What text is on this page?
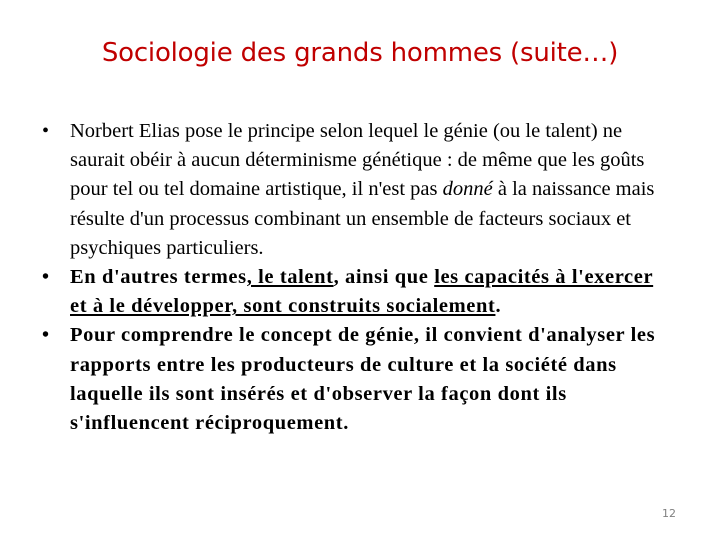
Sociologie des grands hommes (suite…)
•	Norbert Elias pose le principe selon lequel le génie (ou le talent) ne saurait obéir à aucun déterminisme génétique : de même que les goûts pour tel ou tel domaine artistique, il n'est pas donné à la naissance mais résulte d'un processus combinant un ensemble de facteurs sociaux et psychiques particuliers.
• En d'autres termes, le talent, ainsi que les capacités à l'exercer et à le développer, sont construits socialement.
• Pour comprendre le concept de génie, il convient d'analyser les rapports entre les producteurs de culture et la société dans laquelle ils sont insérés et d'observer la façon dont ils s'influencent réciproquement.
12
